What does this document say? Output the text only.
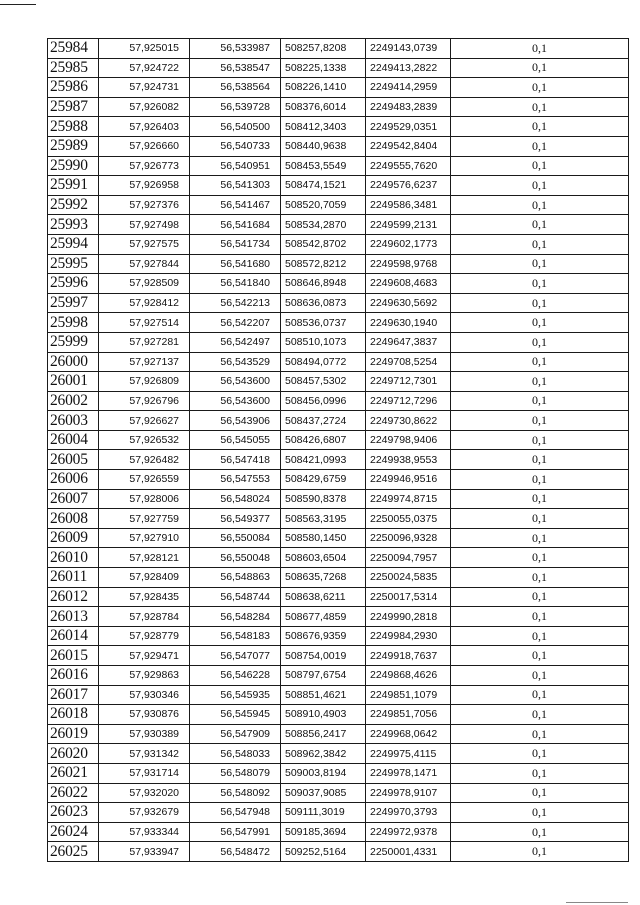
25984	57,925015	56,533987	508257,8208	2249143,0739	0,1
25985	57,924722	56,538547	508225,1338	2249413,2822	0,1
25986	57,924731	56,538564	508226,1410	2249414,2959	0,1
25987	57,926082	56,539728	508376,6014	2249483,2839	0,1
25988	57,926403	56,540500	508412,3403	2249529,0351	0,1
25989	57,926660	56,540733	508440,9638	2249542,8404	0,1
25990	57,926773	56,540951	508453,5549	2249555,7620	0,1
25991	57,926958	56,541303	508474,1521	2249576,6237	0,1
25992	57,927376	56,541467	508520,7059	2249586,3481	0,1
25993	57,927498	56,541684	508534,2870	2249599,2131	0,1
25994	57,927575	56,541734	508542,8702	2249602,1773	0,1
25995	57,927844	56,541680	508572,8212	2249598,9768	0,1
25996	57,928509	56,541840	508646,8948	2249608,4683	0,1
25997	57,928412	56,542213	508636,0873	2249630,5692	0,1
25998	57,927514	56,542207	508536,0737	2249630,1940	0,1
25999	57,927281	56,542497	508510,1073	2249647,3837	0,1
26000	57,927137	56,543529	508494,0772	2249708,5254	0,1
26001	57,926809	56,543600	508457,5302	2249712,7301	0,1
26002	57,926796	56,543600	508456,0996	2249712,7296	0,1
26003	57,926627	56,543906	508437,2724	2249730,8622	0,1
26004	57,926532	56,545055	508426,6807	2249798,9406	0,1
26005	57,926482	56,547418	508421,0993	2249938,9553	0,1
26006	57,926559	56,547553	508429,6759	2249946,9516	0,1
26007	57,928006	56,548024	508590,8378	2249974,8715	0,1
26008	57,927759	56,549377	508563,3195	2250055,0375	0,1
26009	57,927910	56,550084	508580,1450	2250096,9328	0,1
26010	57,928121	56,550048	508603,6504	2250094,7957	0,1
26011	57,928409	56,548863	508635,7268	2250024,5835	0,1
26012	57,928435	56,548744	508638,6211	2250017,5314	0,1
26013	57,928784	56,548284	508677,4859	2249990,2818	0,1
26014	57,928779	56,548183	508676,9359	2249984,2930	0,1
26015	57,929471	56,547077	508754,0019	2249918,7637	0,1
26016	57,929863	56,546228	508797,6754	2249868,4626	0,1
26017	57,930346	56,545935	508851,4621	2249851,1079	0,1
26018	57,930876	56,545945	508910,4903	2249851,7056	0,1
26019	57,930389	56,547909	508856,2417	2249968,0642	0,1
26020	57,931342	56,548033	508962,3842	2249975,4115	0,1
26021	57,931714	56,548079	509003,8194	2249978,1471	0,1
26022	57,932020	56,548092	509037,9085	2249978,9107	0,1
26023	57,932679	56,547948	509111,3019	2249970,3793	0,1
26024	57,933344	56,547991	509185,3694	2249972,9378	0,1
26025	57,933947	56,548472	509252,5164	2250001,4331	0,1
